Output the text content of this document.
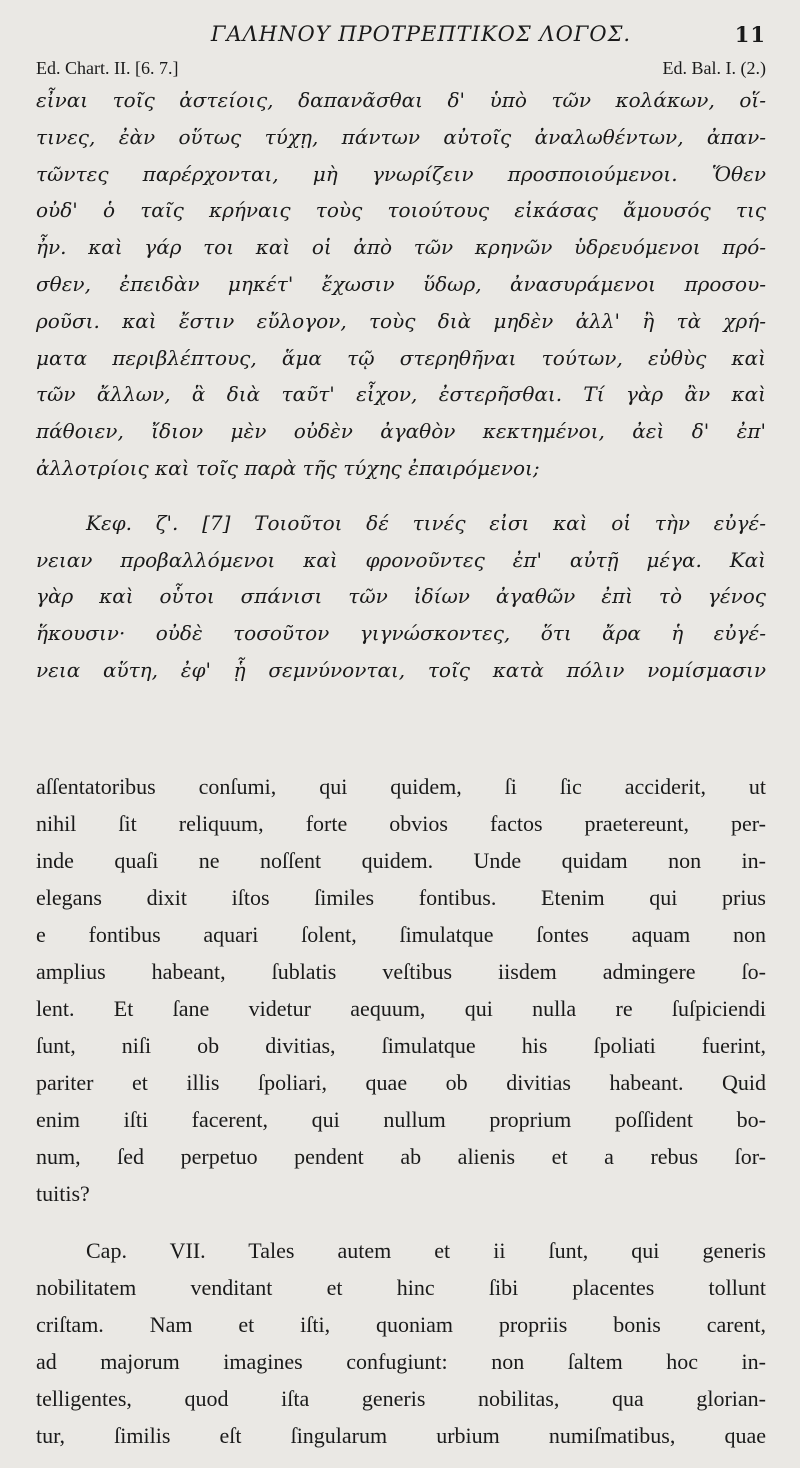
ΓΑΛΗΝΟΥ ΠΡΟΤΡΕΠΤΙΚΟΣ ΛΟΓΟΣ.	11
Ed. Chart. II. [6. 7.]	Ed. Bal. I. (2.)
εἶναι τοῖς ἀστείοις, δαπανᾶσθαι δ' ὑπὸ τῶν κολάκων, οἵ-
τινες, ἐὰν οὕτως τύχῃ, πάντων αὐτοῖς ἀναλωθέντων, ἀπαν-
τῶντες παρέρχονται, μὴ γνωρίζειν προσποιούμενοι. Ὅθεν
οὐδ' ὁ ταῖς κρήναις τοὺς τοιούτους εἰκάσας ἄμουσός τις
ἦν. καὶ γάρ τοι καὶ οἱ ἀπὸ τῶν κρηνῶν ὑδρευόμενοι πρό-
σθεν, ἐπειδὰν μηκέτ' ἔχωσιν ὕδωρ, ἀνασυράμενοι προσου-
ροῦσι. καὶ ἔστιν εὔλογον, τοὺς διὰ μηδὲν ἀλλ' ἢ τὰ χρή-
ματα περιβλέπτους, ἅμα τῷ στερηθῆναι τούτων, εὐθὺς καὶ
τῶν ἄλλων, ἃ διὰ ταῦτ' εἶχον, ἐστερῆσθαι. Τί γὰρ ἂν καὶ
πάθοιεν, ἴδιον μὲν οὐδὲν ἀγαθὸν κεκτημένοι, ἀεὶ δ' ἐπ'
ἀλλοτρίοις καὶ τοῖς παρὰ τῆς τύχης ἐπαιρόμενοι;
Κεφ. ζ'. [7] Τοιοῦτοι δέ τινές εἰσι καὶ οἱ τὴν εὐγέ-
νειαν προβαλλόμενοι καὶ φρονοῦντες ἐπ' αὐτῇ μέγα. Καὶ
γὰρ καὶ οὗτοι σπάνισι τῶν ἰδίων ἀγαθῶν ἐπὶ τὸ γένος
ἥκουσιν· οὐδὲ τοσοῦτον γιγνώσκοντες, ὅτι ἄρα ἡ εὐγέ-
νεια αὕτη, ἐφ' ᾗ σεμνύνονται, τοῖς κατὰ πόλιν νομίσμασιν
aſſentatoribus conſumi, qui quidem, ſi ſic acciderit, ut
nihil ſit reliquum, forte obvios factos praetereunt, per-
inde quaſi ne noſſent quidem. Unde quidam non in-
elegans dixit iſtos ſimiles fontibus. Etenim qui prius
e fontibus aquari ſolent, ſimulatque ſontes aquam non
amplius habeant, ſublatis veſtibus iisdem admingere ſo-
lent. Et ſane videtur aequum, qui nulla re ſuſpiciendi
ſunt, niſi ob divitias, ſimulatque his ſpoliati fuerint,
pariter et illis ſpoliari, quae ob divitias habeant. Quid
enim iſti facerent, qui nullum proprium poſſident bo-
num, ſed perpetuo pendent ab alienis et a rebus ſor-
tuitis?
Cap. VII. Tales autem et ii ſunt, qui generis
nobilitatem venditant et hinc ſibi placentes tollunt
criſtam. Nam et iſti, quoniam propriis bonis carent,
ad majorum imagines confugiunt: non ſaltem hoc in-
telligentes, quod iſta generis nobilitas, qua glorian-
tur, ſimilis eſt ſingularum urbium numiſmatibus, quae
